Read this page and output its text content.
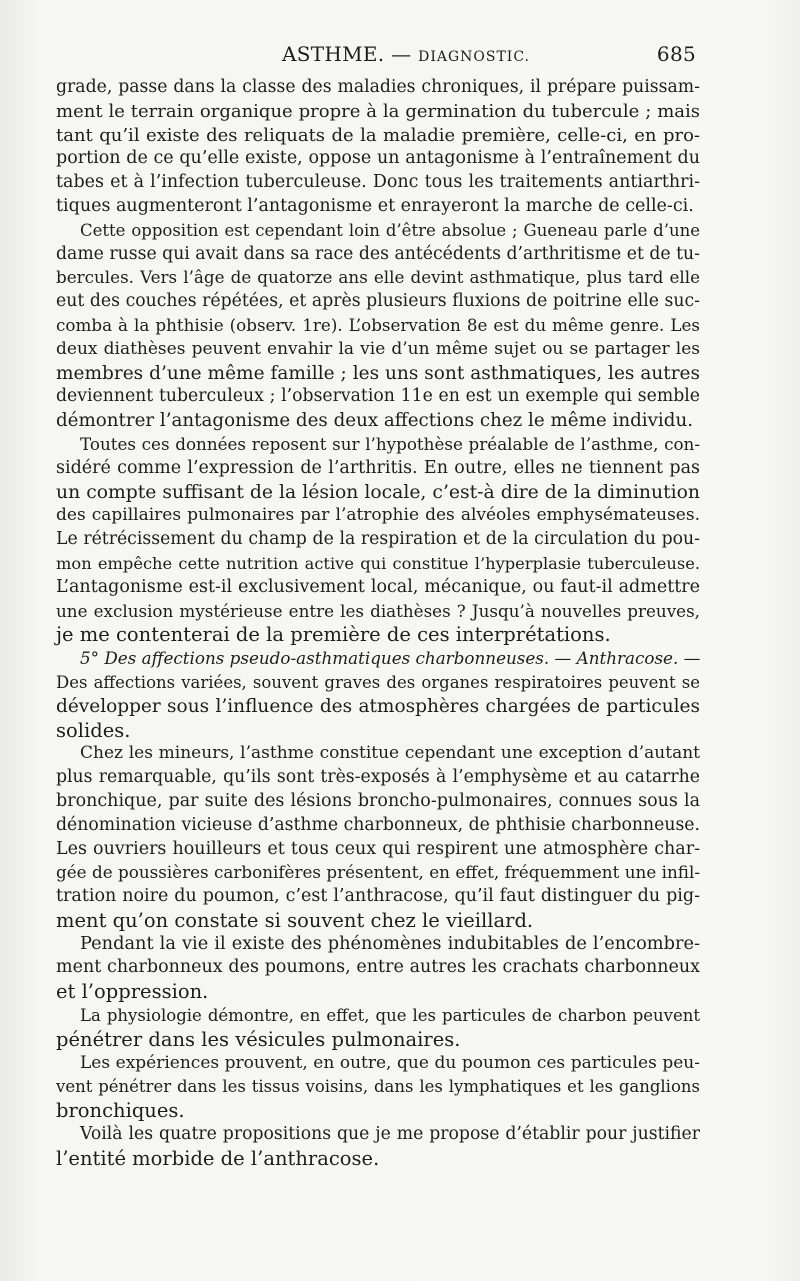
ASTHME. — DIAGNOSTIC.	685
grade, passe dans la classe des maladies chroniques, il prépare puissam-
ment le terrain organique propre à la germination du tubercule ; mais
tant qu’il existe des reliquats de la maladie première, celle-ci, en pro-
portion de ce qu’elle existe, oppose un antagonisme à l’entraînement du
tabes et à l’infection tuberculeuse. Donc tous les traitements antiarthri-
tiques augmenteront l’antagonisme et enrayeront la marche de celle-ci.
Cette opposition est cependant loin d’être absolue ; Gueneau parle d’une
dame russe qui avait dans sa race des antécédents d’arthritisme et de tu-
bercules. Vers l’âge de quatorze ans elle devint asthmatique, plus tard elle
eut des couches répétées, et après plusieurs fluxions de poitrine elle suc-
comba à la phthisie (observ. 1re). L’observation 8e est du même genre. Les
deux diathèses peuvent envahir la vie d’un même sujet ou se partager les
membres d’une même famille ; les uns sont asthmatiques, les autres
deviennent tuberculeux ; l’observation 11e en est un exemple qui semble
démontrer l’antagonisme des deux affections chez le même individu.
Toutes ces données reposent sur l’hypothèse préalable de l’asthme, con-
sidéré comme l’expression de l’arthritis. En outre, elles ne tiennent pas
un compte suffisant de la lésion locale, c’est-à dire de la diminution
des capillaires pulmonaires par l’atrophie des alvéoles emphysémateuses.
Le rétrécissement du champ de la respiration et de la circulation du pou-
mon empêche cette nutrition active qui constitue l’hyperplasie tuberculeuse.
L’antagonisme est-il exclusivement local, mécanique, ou faut-il admettre
une exclusion mystérieuse entre les diathèses ? Jusqu’à nouvelles preuves,
je me contenterai de la première de ces interprétations.
5° Des affections pseudo-asthmatiques charbonneuses. — Anthracose. —
Des affections variées, souvent graves des organes respiratoires peuvent se
développer sous l’influence des atmosphères chargées de particules
solides.
Chez les mineurs, l’asthme constitue cependant une exception d’autant
plus remarquable, qu’ils sont très-exposés à l’emphysème et au catarrhe
bronchique, par suite des lésions broncho-pulmonaires, connues sous la
dénomination vicieuse d’asthme charbonneux, de phthisie charbonneuse.
Les ouvriers houilleurs et tous ceux qui respirent une atmosphère char-
gée de poussières carbonifères présentent, en effet, fréquemment une infil-
tration noire du poumon, c’est l’anthracose, qu’il faut distinguer du pig-
ment qu’on constate si souvent chez le vieillard.
Pendant la vie il existe des phénomènes indubitables de l’encombre-
ment charbonneux des poumons, entre autres les crachats charbonneux
et l’oppression.
La physiologie démontre, en effet, que les particules de charbon peuvent
pénétrer dans les vésicules pulmonaires.
Les expériences prouvent, en outre, que du poumon ces particules peu-
vent pénétrer dans les tissus voisins, dans les lymphatiques et les ganglions
bronchiques.
Voilà les quatre propositions que je me propose d’établir pour justifier
l’entité morbide de l’anthracose.
